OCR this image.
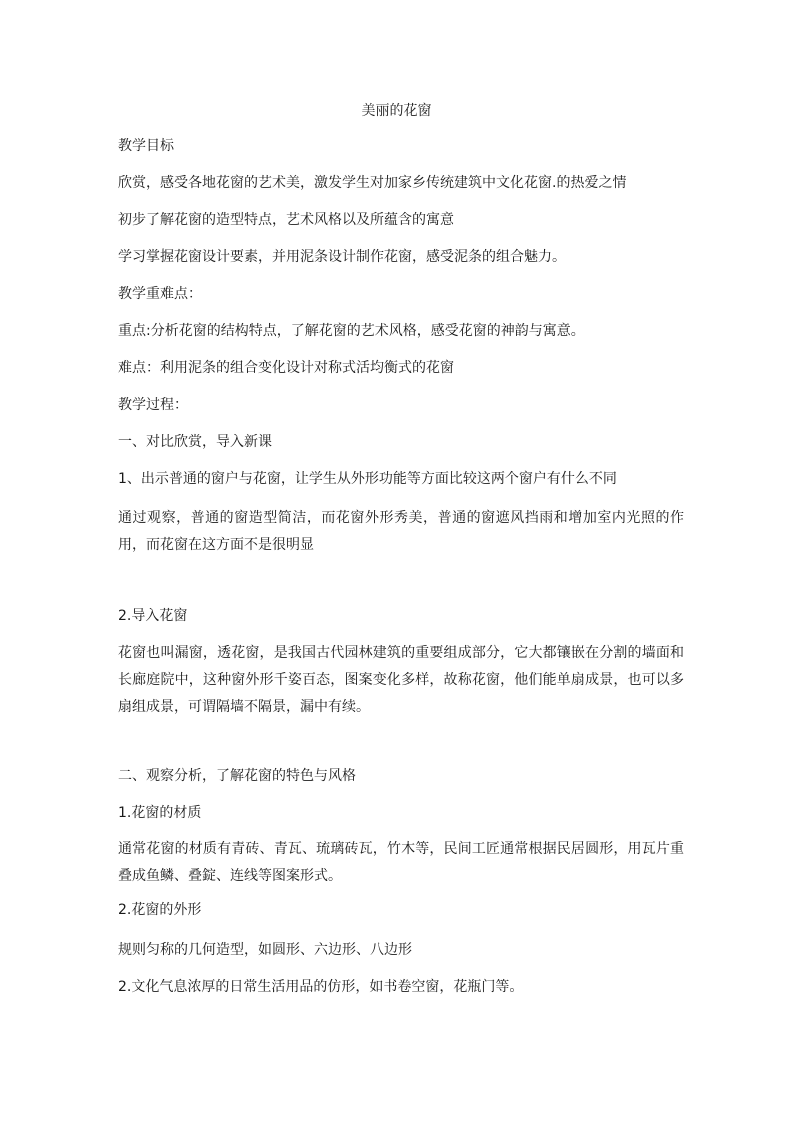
美丽的花窗
教学目标
欣赏，感受各地花窗的艺术美，激发学生对加家乡传统建筑中文化花窗.的热爱之情
初步了解花窗的造型特点，艺术风格以及所蕴含的寓意
学习掌握花窗设计要素，并用泥条设计制作花窗，感受泥条的组合魅力。
教学重难点：
重点:分析花窗的结构特点，了解花窗的艺术风格，感受花窗的神韵与寓意。
难点：利用泥条的组合变化设计对称式活均衡式的花窗
教学过程：
一、对比欣赏，导入新课
1、出示普通的窗户与花窗，让学生从外形功能等方面比较这两个窗户有什么不同
通过观察，普通的窗造型简洁，而花窗外形秀美，普通的窗遮风挡雨和增加室内光照的作用，而花窗在这方面不是很明显
2.导入花窗
花窗也叫漏窗，透花窗，是我国古代园林建筑的重要组成部分，它大都镶嵌在分割的墙面和长廊庭院中，这种窗外形千姿百态，图案变化多样，故称花窗，他们能单扇成景，也可以多扇组成景，可谓隔墙不隔景，漏中有续。
二、观察分析，了解花窗的特色与风格
1.花窗的材质
通常花窗的材质有青砖、青瓦、琉璃砖瓦，竹木等，民间工匠通常根据民居圆形，用瓦片重叠成鱼鳞、叠錠、连线等图案形式。
2.花窗的外形
规则匀称的几何造型，如圆形、六边形、八边形
2.文化气息浓厚的日常生活用品的仿形，如书卷空窗，花瓶门等。
